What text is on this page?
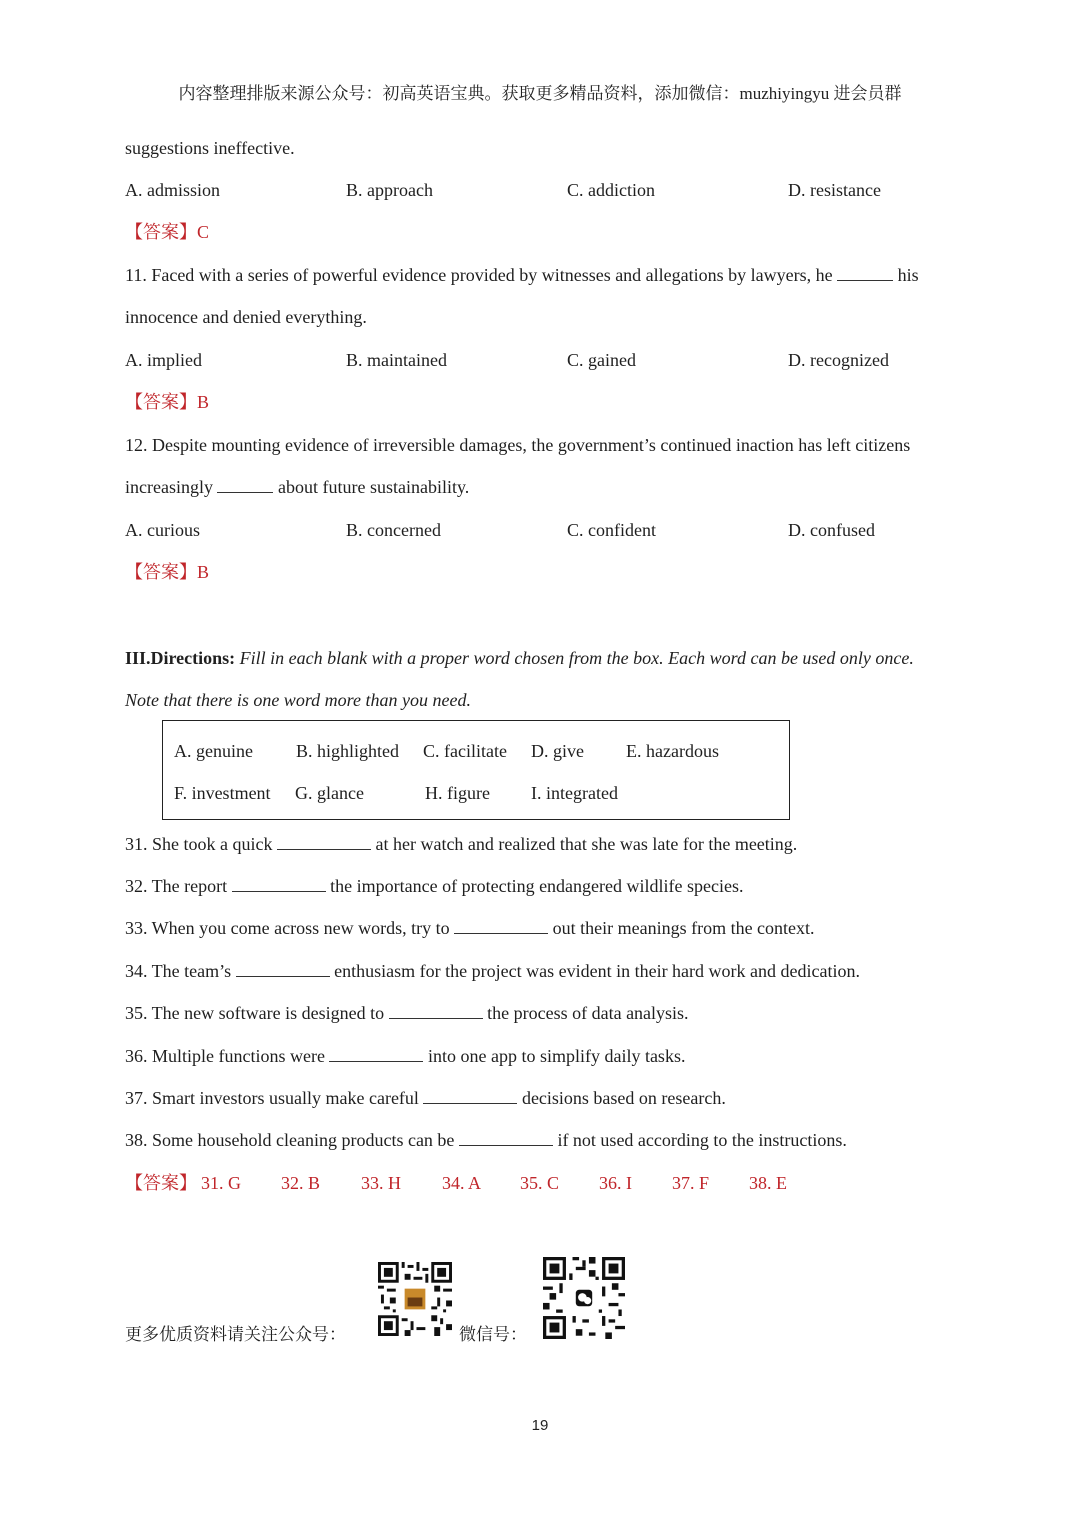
内容整理排版来源公众号：初高英语宝典。获取更多精品资料，添加微信：muzhiyingyu 进会员群
suggestions ineffective.
A. admission	B. approach	C. addiction	D. resistance
【答案】C
11. Faced with a series of powerful evidence provided by witnesses and allegations by lawyers, he	his
innocence and denied everything.
A. implied	B. maintained	C. gained	D. recognized
【答案】B
12. Despite mounting evidence of irreversible damages, the government’s continued inaction has left citizens
increasingly	about future sustainability.
A. curious	B. concerned	C. confident	D. confused
【答案】B
III.Directions: Fill in each blank with a proper word chosen from the box. Each word can be used only once.
Note that there is one word more than you need.
A. genuine B. highlighted C. facilitate D. give E. hazardous
F. investment G. glance	H. figure I. integrated
31. She took a quick	at her watch and realized that she was late for the meeting.
32. The report	the importance of protecting endangered wildlife species.
33. When you come across new words, try to	out their meanings from the context.
34. The team’s	enthusiasm for the project was evident in their hard work and dedication.
35. The new software is designed to	the process of data analysis.
36. Multiple functions were	into one app to simplify daily tasks.
37. Smart investors usually make careful	decisions based on research.
38. Some household cleaning products can be	if not used according to the instructions.
【答案】 31. G 32. B 33. H 34. A 35. C 36. I 37. F 38. E
更多优质资料请关注公众号：	微信号：
19
